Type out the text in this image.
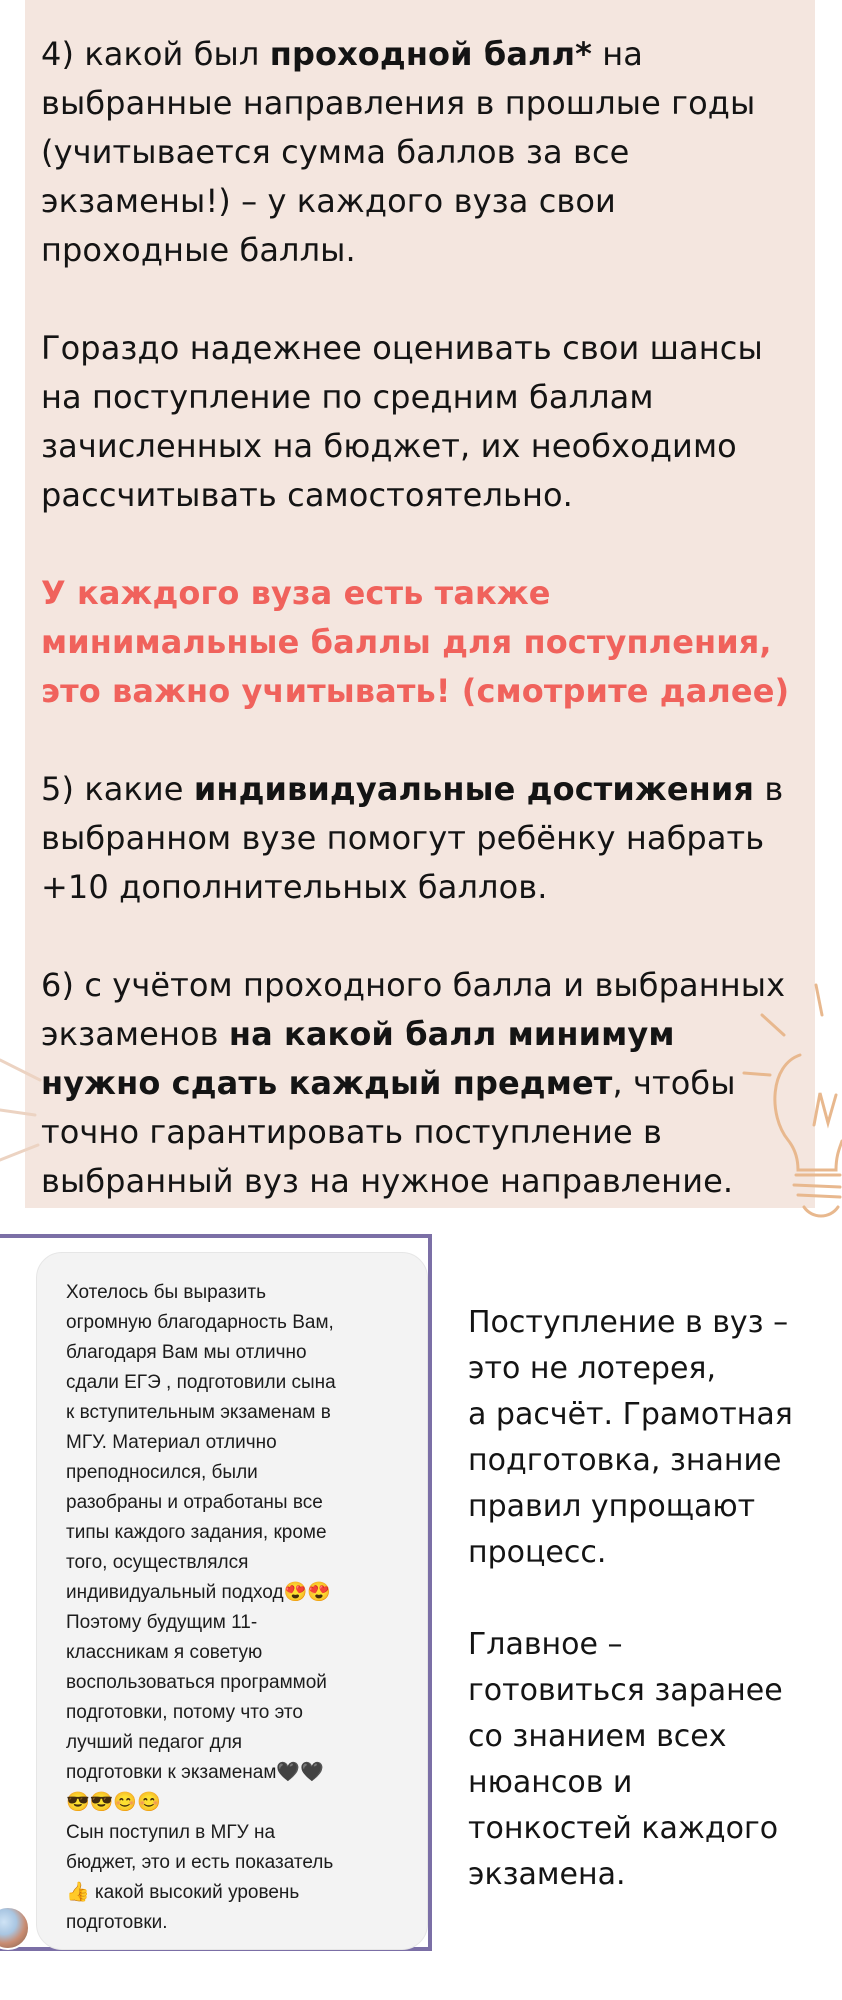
4) какой был проходной балл* на выбранные направления в прошлые годы (учитывается сумма баллов за все экзамены!) – у каждого вуза свои проходные баллы.

Гораздо надежнее оценивать свои шансы на поступление по средним баллам зачисленных на бюджет, их необходимо рассчитывать самостоятельно.

У каждого вуза есть также минимальные баллы для поступления, это важно учитывать! (смотрите далее)

5) какие индивидуальные достижения в выбранном вузе помогут ребёнку набрать +10 дополнительных баллов.

6) с учётом проходного балла и выбранных экзаменов на какой балл минимум нужно сдать каждый предмет, чтобы точно гарантировать поступление в выбранный вуз на нужное направление.

Хотелось бы выразить
огромную благодарность Вам,
благодаря Вам мы отлично
сдали ЕГЭ , подготовили сына
к вступительным экзаменам в
МГУ. Материал отлично
преподносился, были
разобраны и отработаны все
типы каждого задания, кроме
того, осуществлялся
индивидуальный подход😍😍
Поэтому будущим 11-
классникам я советую
воспользоваться программой
подготовки, потому что это
лучший педагог для
подготовки к экзаменам🖤🖤
😎😎😊😊
Сын поступил в МГУ на
бюджет, это и есть показатель
👍 какой высокий уровень
подготовки.

Поступление в вуз –
это не лотерея,
а расчёт. Грамотная
подготовка, знание
правил упрощают
процесс.

Главное –
готовиться заранее
со знанием всех
нюансов и
тонкостей каждого
экзамена.
